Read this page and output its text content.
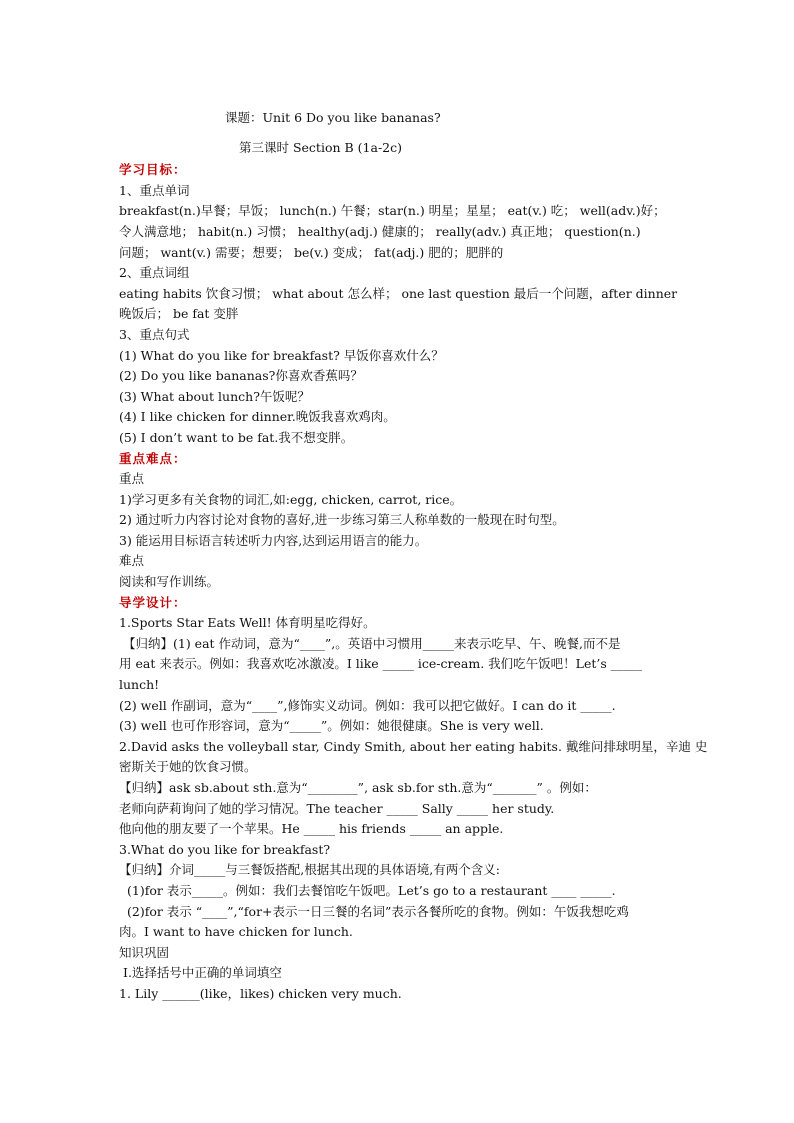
课题：Unit 6 Do you like bananas?
第三课时 Section B (1a-2c)
学习目标：
1、重点单词
breakfast(n.)早餐；早饭； lunch(n.) 午餐；star(n.) 明星；星星； eat(v.) 吃； well(adv.)好；
令人满意地； habit(n.) 习惯； healthy(adj.) 健康的； really(adv.) 真正地； question(n.)
问题； want(v.) 需要；想要； be(v.) 变成； fat(adj.) 肥的；肥胖的
2、重点词组
eating habits 饮食习惯； what about 怎么样； one last question 最后一个问题，after dinner
晚饭后； be fat 变胖
3、重点句式
(1) What do you like for breakfast? 早饭你喜欢什么？
(2) Do you like bananas?你喜欢香蕉吗？
(3) What about lunch?午饭呢？
(4) I like chicken for dinner.晚饭我喜欢鸡肉。
(5) I don’t want to be fat.我不想变胖。
重点难点：
重点
1)学习更多有关食物的词汇,如:egg, chicken, carrot, rice。
2) 通过听力内容讨论对食物的喜好,进一步练习第三人称单数的一般现在时句型。
3) 能运用目标语言转述听力内容,达到运用语言的能力。
难点
阅读和写作训练。
导学设计：
1.Sports Star Eats Well! 体育明星吃得好。
【归纳】(1) eat 作动词，意为“____”,。英语中习惯用_____来表示吃早、午、晚餐,而不是
用 eat 来表示。例如：我喜欢吃冰激凌。I like _____ ice-cream. 我们吃午饭吧！Let’s _____
lunch!
(2) well 作副词，意为“____”,修饰实义动词。例如：我可以把它做好。I can do it _____.
(3) well 也可作形容词，意为“_____”。例如：她很健康。She is very well.
2.David asks the volleyball star, Cindy Smith, about her eating habits. 戴维问排球明星，辛迪 史
密斯关于她的饮食习惯。
【归纳】ask sb.about sth.意为“________”, ask sb.for sth.意为“_______” 。例如：
老师向萨莉询问了她的学习情况。The teacher _____ Sally _____ her study.
他向他的朋友要了一个苹果。He _____ his friends _____ an apple.
3.What do you like for breakfast?
【归纳】介词_____与三餐饭搭配,根据其出现的具体语境,有两个含义:
(1)for 表示_____。例如：我们去餐馆吃午饭吧。Let’s go to a restaurant ____ _____.
(2)for 表示 “____”,“for+表示一日三餐的名词”表示各餐所吃的食物。例如：午饭我想吃鸡
肉。I want to have chicken for lunch.
知识巩固
Ⅰ.选择括号中正确的单词填空
1. Lily ______(like，likes) chicken very much.
